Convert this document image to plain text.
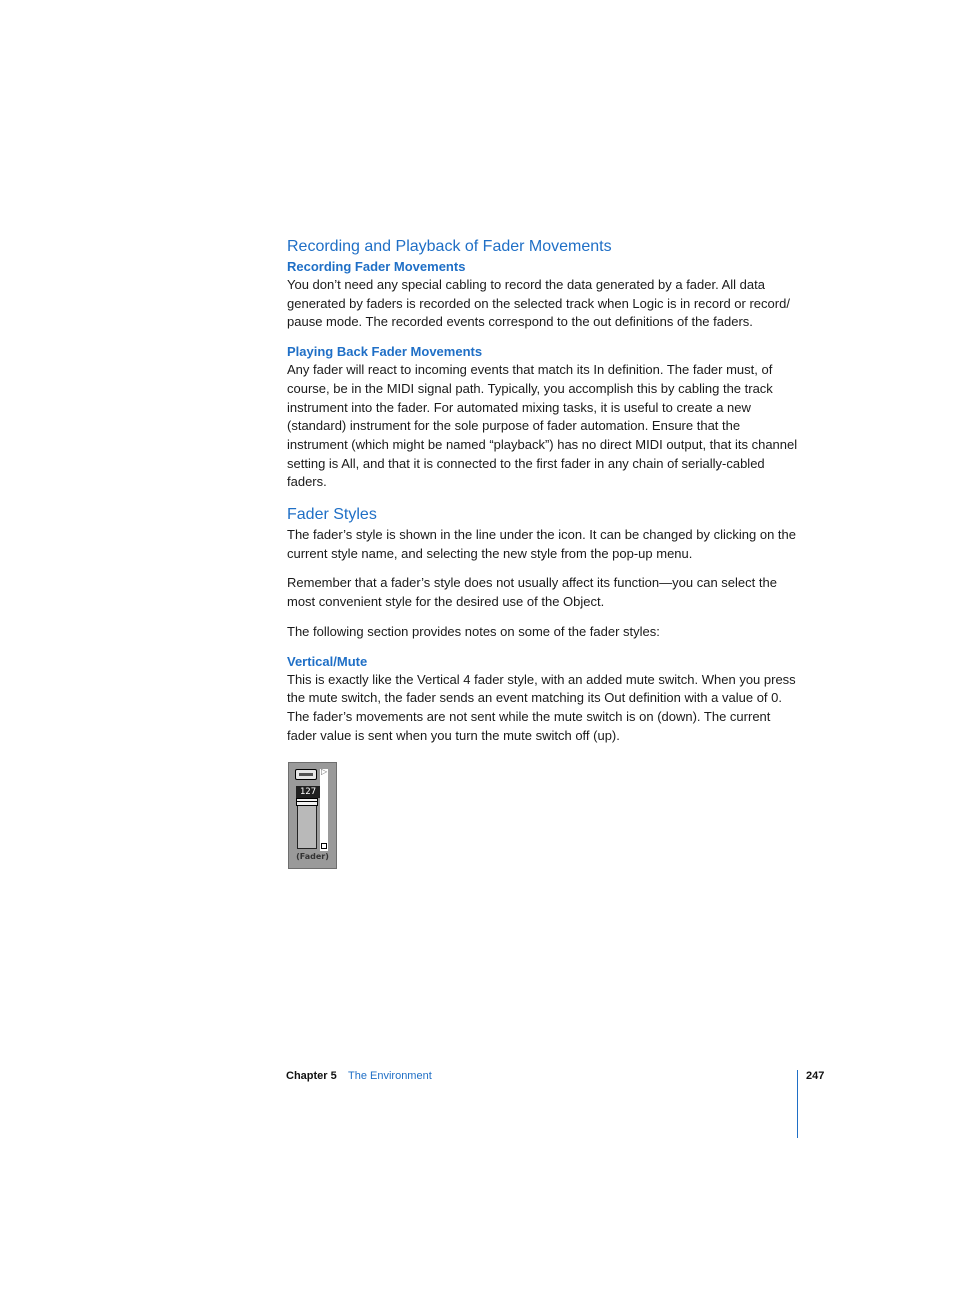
Recording and Playback of Fader Movements
Recording Fader Movements

You don’t need any special cabling to record the data generated by a fader. All data generated by faders is recorded on the selected track when Logic is in record or record/ pause mode. The recorded events correspond to the out definitions of the faders.

Playing Back Fader Movements

Any fader will react to incoming events that match its In definition. The fader must, of course, be in the MIDI signal path. Typically, you accomplish this by cabling the track instrument into the fader. For automated mixing tasks, it is useful to create a new (standard) instrument for the sole purpose of fader automation. Ensure that the instrument (which might be named “playback”) has no direct MIDI output, that its channel setting is All, and that it is connected to the first fader in any chain of serially-cabled faders.

Fader Styles

The fader’s style is shown in the line under the icon. It can be changed by clicking on the current style name, and selecting the new style from the pop-up menu.

Remember that a fader’s style does not usually affect its function—you can select the most convenient style for the desired use of the Object.

The following section provides notes on some of the fader styles:

Vertical/Mute

This is exactly like the Vertical 4 fader style, with an added mute switch. When you press the mute switch, the fader sends an event matching its Out definition with a value of 0. The fader’s movements are not sent while the mute switch is on (down). The current fader value is sent when you turn the mute switch off (up).

▷
127
(Fader)
Chapter 5 The Environment	247
